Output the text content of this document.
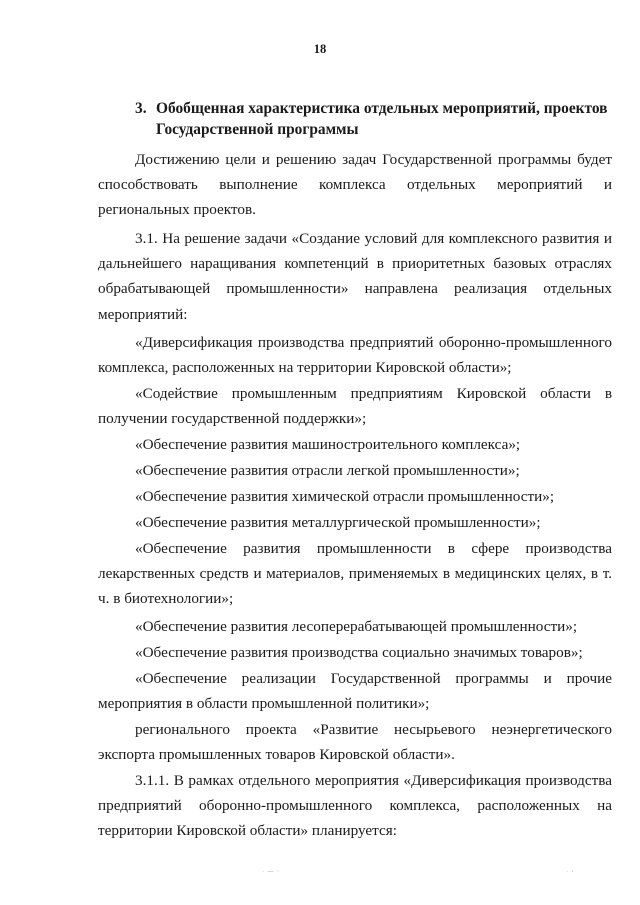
18
3. Обобщенная характеристика отдельных мероприятий, проектов Государственной программы

Достижению цели и решению задач Государственной программы будет способствовать выполнение комплекса отдельных мероприятий и региональных проектов.

3.1. На решение задачи «Создание условий для комплексного развития и дальнейшего наращивания компетенций в приоритетных базовых отраслях обрабатывающей промышленности» направлена реализация отдельных мероприятий:

«Диверсификация производства предприятий оборонно-промышленного комплекса, расположенных на территории Кировской области»;

«Содействие промышленным предприятиям Кировской области в получении государственной поддержки»;

«Обеспечение развития машиностроительного комплекса»;

«Обеспечение развития отрасли легкой промышленности»;

«Обеспечение развития химической отрасли промышленности»;

«Обеспечение развития металлургической промышленности»;

«Обеспечение развития промышленности в сфере производства лекарственных средств и материалов, применяемых в медицинских целях, в т. ч. в биотехнологии»;

«Обеспечение развития лесоперерабатывающей промышленности»;

«Обеспечение развития производства социально значимых товаров»;

«Обеспечение реализации Государственной программы и прочие мероприятия в области промышленной политики»;

регионального проекта «Развитие несырьевого неэнергетического экспорта промышленных товаров Кировской области».

3.1.1. В рамках отдельного мероприятия «Диверсификация производства предприятий оборонно-промышленного комплекса, расположенных на территории Кировской области» планируется:

· — ·	· ·
